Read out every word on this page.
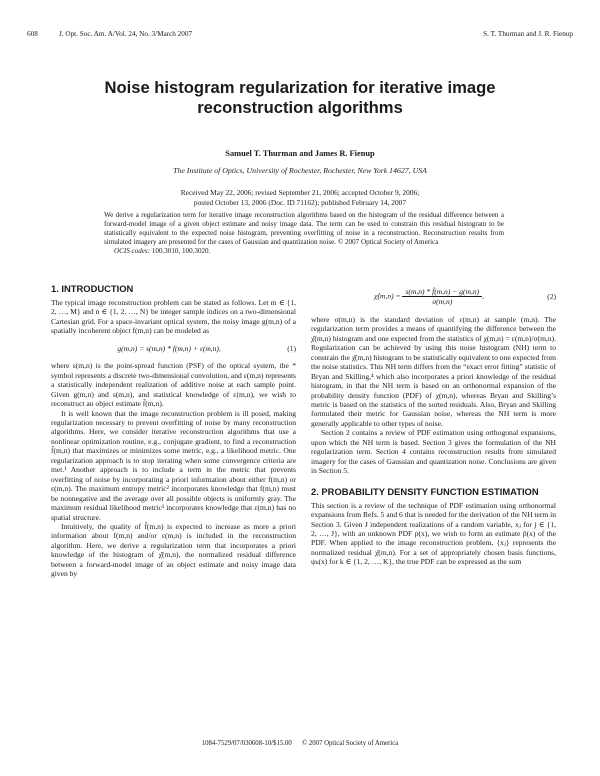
608	J. Opt. Soc. Am. A/Vol. 24, No. 3/March 2007	S. T. Thurman and J. R. Fienup
Noise histogram regularization for iterative image reconstruction algorithms
Samuel T. Thurman and James R. Fienup
The Institute of Optics, University of Rochester, Rochester, New York 14627, USA
Received May 22, 2006; revised September 21, 2006; accepted October 9, 2006;
posted October 13, 2006 (Doc. ID 71162); published February 14, 2007
We derive a regularization term for iterative image reconstruction algorithms based on the histogram of the residual difference between a forward-model image of a given object estimate and noisy image data. The term can be used to constrain this residual histogram to be statistically equivalent to the expected noise histogram, preventing overfitting of noise in a reconstruction. Reconstruction results from simulated imagery are presented for the cases of Gaussian and quantization noise. © 2007 Optical Society of America
OCIS codes: 100.3010, 100.3020.
1. INTRODUCTION

The typical image reconstruction problem can be stated as follows. Let m ∈ {1, 2, …, M} and n ∈ {1, 2, …, N} be integer sample indices on a two-dimensional Cartesian grid. For a space-invariant optical system, the noisy image g(m,n) of a spatially incoherent object f(m,n) can be modeled as

g(m,n) = s(m,n) * f(m,n) + ε(m,n),	(1)

where s(m,n) is the point-spread function (PSF) of the optical system, the * symbol represents a discrete two-dimensional convolution, and ε(m,n) represents a statistically independent realization of additive noise at each sample point. Given g(m,n) and s(m,n), and statistical knowledge of ε(m,n), we wish to reconstruct an object estimate f̂(m,n).

It is well known that the image reconstruction problem is ill posed, making regularization necessary to prevent overfitting of noise by many reconstruction algorithms. Here, we consider iterative reconstruction algorithms that use a nonlinear optimization routine, e.g., conjugate gradient, to find a reconstruction f̂(m,n) that maximizes or minimizes some metric, e.g., a likelihood metric. One regularization approach is to stop iterating when some convergence criteria are met.¹ Another approach is to include a term in the metric that prevents overfitting of noise by incorporating a priori information about either f(m,n) or ε(m,n). The maximum entropy metric² incorporates knowledge that f(m,n) must be nonnegative and the average over all possible objects is uniformly gray. The maximum residual likelihood metric³ incorporates knowledge that ε(m,n) has no spatial structure.

Intuitively, the quality of f̂(m,n) is expected to increase as more a priori information about f(m,n) and/or ε(m,n) is included in the reconstruction algorithm. Here, we derive a regularization term that incorporates a priori knowledge of the histogram of χ̂(m,n), the normalized residual difference between a forward-model image of an object estimate and noisy image data given by

χ̂(m,n) = $\frac{s(m,n) * f̂(m,n) - g(m,n)}{\sigma(m,n)}$ ,	(2)

where σ(m,n) is the standard deviation of ε(m,n) at sample (m,n). The regularization term provides a means of quantifying the difference between the χ̂(m,n) histogram and one expected from the statistics of χ(m,n) = ε(m,n)/σ(m,n). Regularization can be achieved by using this noise histogram (NH) term to constrain the χ̂(m,n) histogram to be statistically equivalent to one expected from the noise statistics. This NH term differs from the “exact error fitting” statistic of Bryan and Skilling,⁴ which also incorporates a priori knowledge of the residual histogram, in that the NH term is based on an orthonormal expansion of the probability density function (PDF) of χ(m,n), whereas Bryan and Skilling’s metric is based on the statistics of the sorted residuals. Also, Bryan and Skilling formulated their metric for Gaussian noise, whereas the NH term is more generally applicable to other types of noise.

Section 2 contains a review of PDF estimation using orthogonal expansions, upon which the NH term is based. Section 3 gives the formulation of the NH regularization term. Section 4 contains reconstruction results from simulated imagery for the cases of Gaussian and quantization noise. Conclusions are given in Section 5.

2. PROBABILITY DENSITY FUNCTION ESTIMATION

This section is a review of the technique of PDF estimation using orthonormal expansions from Refs. 5 and 6 that is needed for the derivation of the NH term in Section 3. Given J independent realizations of a random variable, xⱼ for j ∈ {1, 2, …, J}, with an unknown PDF p(x), we wish to form an estimate p̂(x) of the PDF. When applied to the image reconstruction problem, {xⱼ} represents the normalized residual χ̂(m,n). For a set of appropriately chosen basis functions, ψₖ(x) for k ∈ {1, 2, …, K}, the true PDF can be expressed as the sum

1084-7529/07/030608-10/$15.00 © 2007 Optical Society of America
